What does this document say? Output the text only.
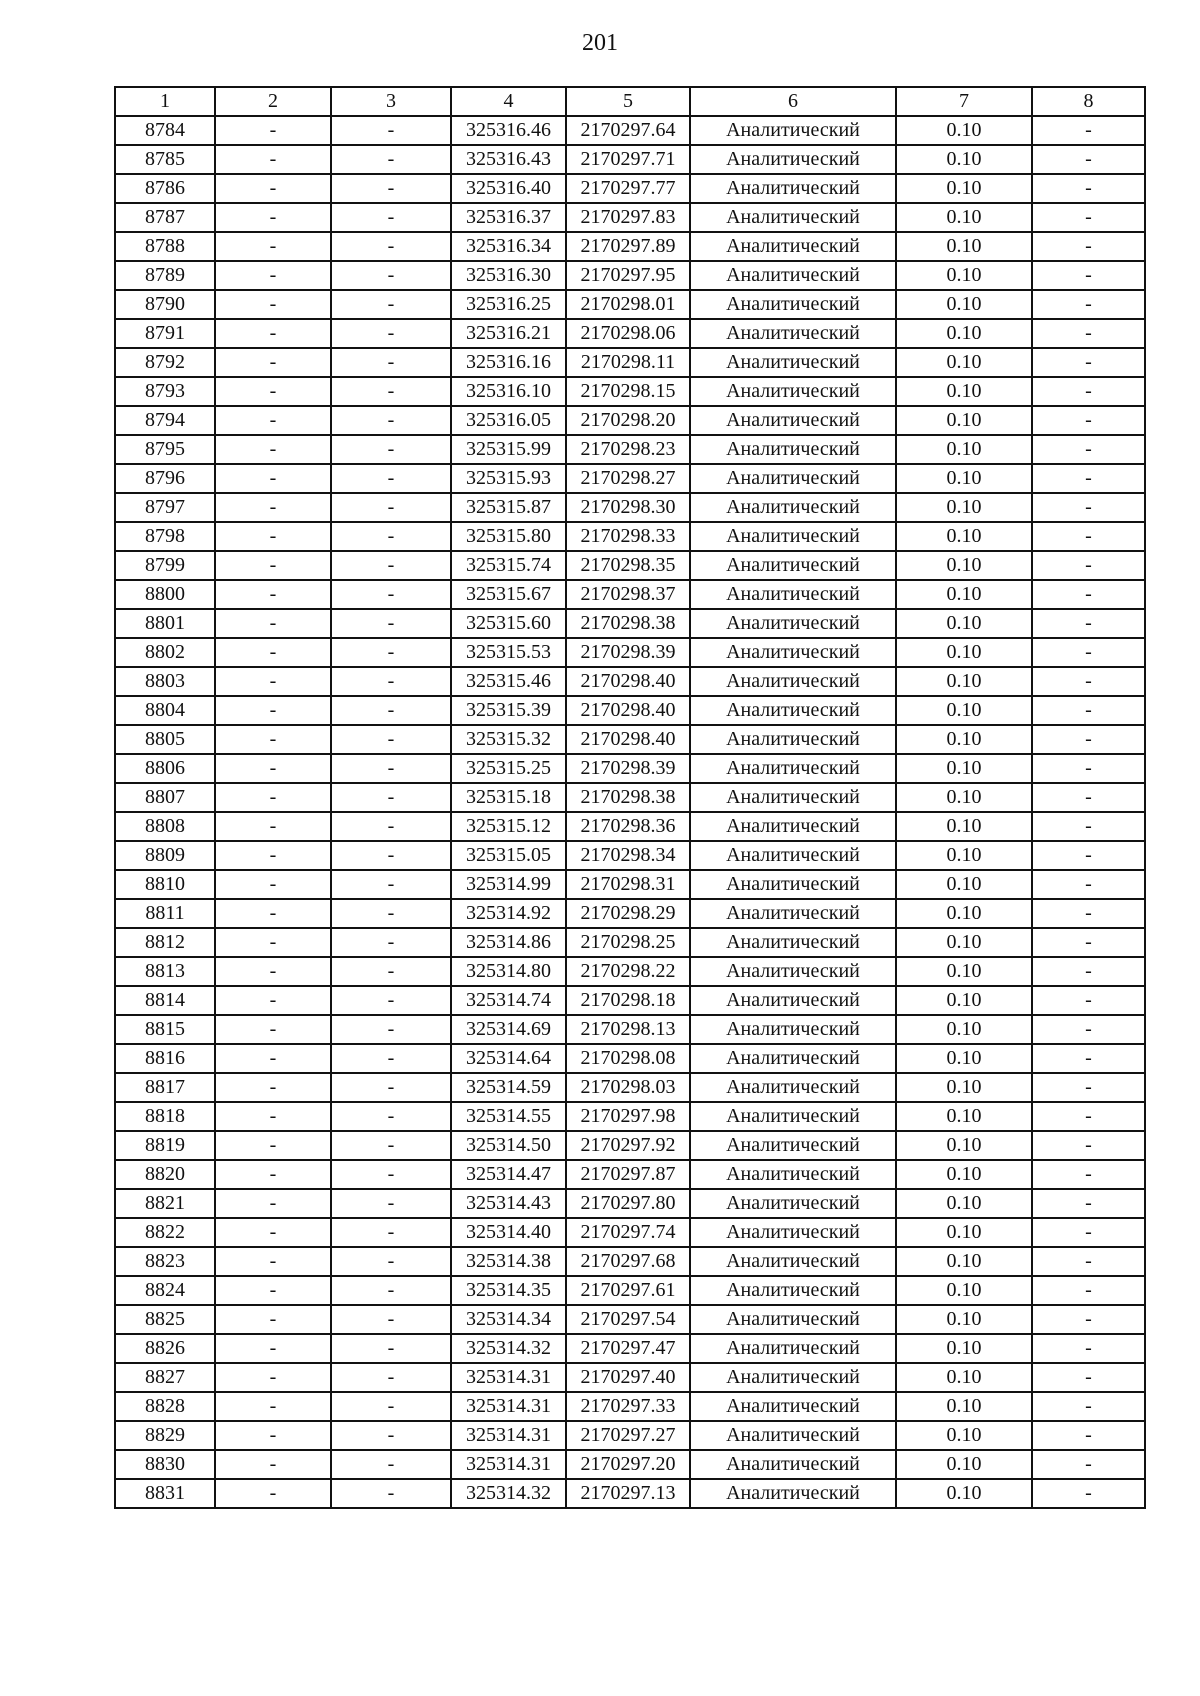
201
1	2	3	4	5	6	7	8
8784	-	-	325316.46	2170297.64	Аналитический	0.10	-
8785	-	-	325316.43	2170297.71	Аналитический	0.10	-
8786	-	-	325316.40	2170297.77	Аналитический	0.10	-
8787	-	-	325316.37	2170297.83	Аналитический	0.10	-
8788	-	-	325316.34	2170297.89	Аналитический	0.10	-
8789	-	-	325316.30	2170297.95	Аналитический	0.10	-
8790	-	-	325316.25	2170298.01	Аналитический	0.10	-
8791	-	-	325316.21	2170298.06	Аналитический	0.10	-
8792	-	-	325316.16	2170298.11	Аналитический	0.10	-
8793	-	-	325316.10	2170298.15	Аналитический	0.10	-
8794	-	-	325316.05	2170298.20	Аналитический	0.10	-
8795	-	-	325315.99	2170298.23	Аналитический	0.10	-
8796	-	-	325315.93	2170298.27	Аналитический	0.10	-
8797	-	-	325315.87	2170298.30	Аналитический	0.10	-
8798	-	-	325315.80	2170298.33	Аналитический	0.10	-
8799	-	-	325315.74	2170298.35	Аналитический	0.10	-
8800	-	-	325315.67	2170298.37	Аналитический	0.10	-
8801	-	-	325315.60	2170298.38	Аналитический	0.10	-
8802	-	-	325315.53	2170298.39	Аналитический	0.10	-
8803	-	-	325315.46	2170298.40	Аналитический	0.10	-
8804	-	-	325315.39	2170298.40	Аналитический	0.10	-
8805	-	-	325315.32	2170298.40	Аналитический	0.10	-
8806	-	-	325315.25	2170298.39	Аналитический	0.10	-
8807	-	-	325315.18	2170298.38	Аналитический	0.10	-
8808	-	-	325315.12	2170298.36	Аналитический	0.10	-
8809	-	-	325315.05	2170298.34	Аналитический	0.10	-
8810	-	-	325314.99	2170298.31	Аналитический	0.10	-
8811	-	-	325314.92	2170298.29	Аналитический	0.10	-
8812	-	-	325314.86	2170298.25	Аналитический	0.10	-
8813	-	-	325314.80	2170298.22	Аналитический	0.10	-
8814	-	-	325314.74	2170298.18	Аналитический	0.10	-
8815	-	-	325314.69	2170298.13	Аналитический	0.10	-
8816	-	-	325314.64	2170298.08	Аналитический	0.10	-
8817	-	-	325314.59	2170298.03	Аналитический	0.10	-
8818	-	-	325314.55	2170297.98	Аналитический	0.10	-
8819	-	-	325314.50	2170297.92	Аналитический	0.10	-
8820	-	-	325314.47	2170297.87	Аналитический	0.10	-
8821	-	-	325314.43	2170297.80	Аналитический	0.10	-
8822	-	-	325314.40	2170297.74	Аналитический	0.10	-
8823	-	-	325314.38	2170297.68	Аналитический	0.10	-
8824	-	-	325314.35	2170297.61	Аналитический	0.10	-
8825	-	-	325314.34	2170297.54	Аналитический	0.10	-
8826	-	-	325314.32	2170297.47	Аналитический	0.10	-
8827	-	-	325314.31	2170297.40	Аналитический	0.10	-
8828	-	-	325314.31	2170297.33	Аналитический	0.10	-
8829	-	-	325314.31	2170297.27	Аналитический	0.10	-
8830	-	-	325314.31	2170297.20	Аналитический	0.10	-
8831	-	-	325314.32	2170297.13	Аналитический	0.10	-
